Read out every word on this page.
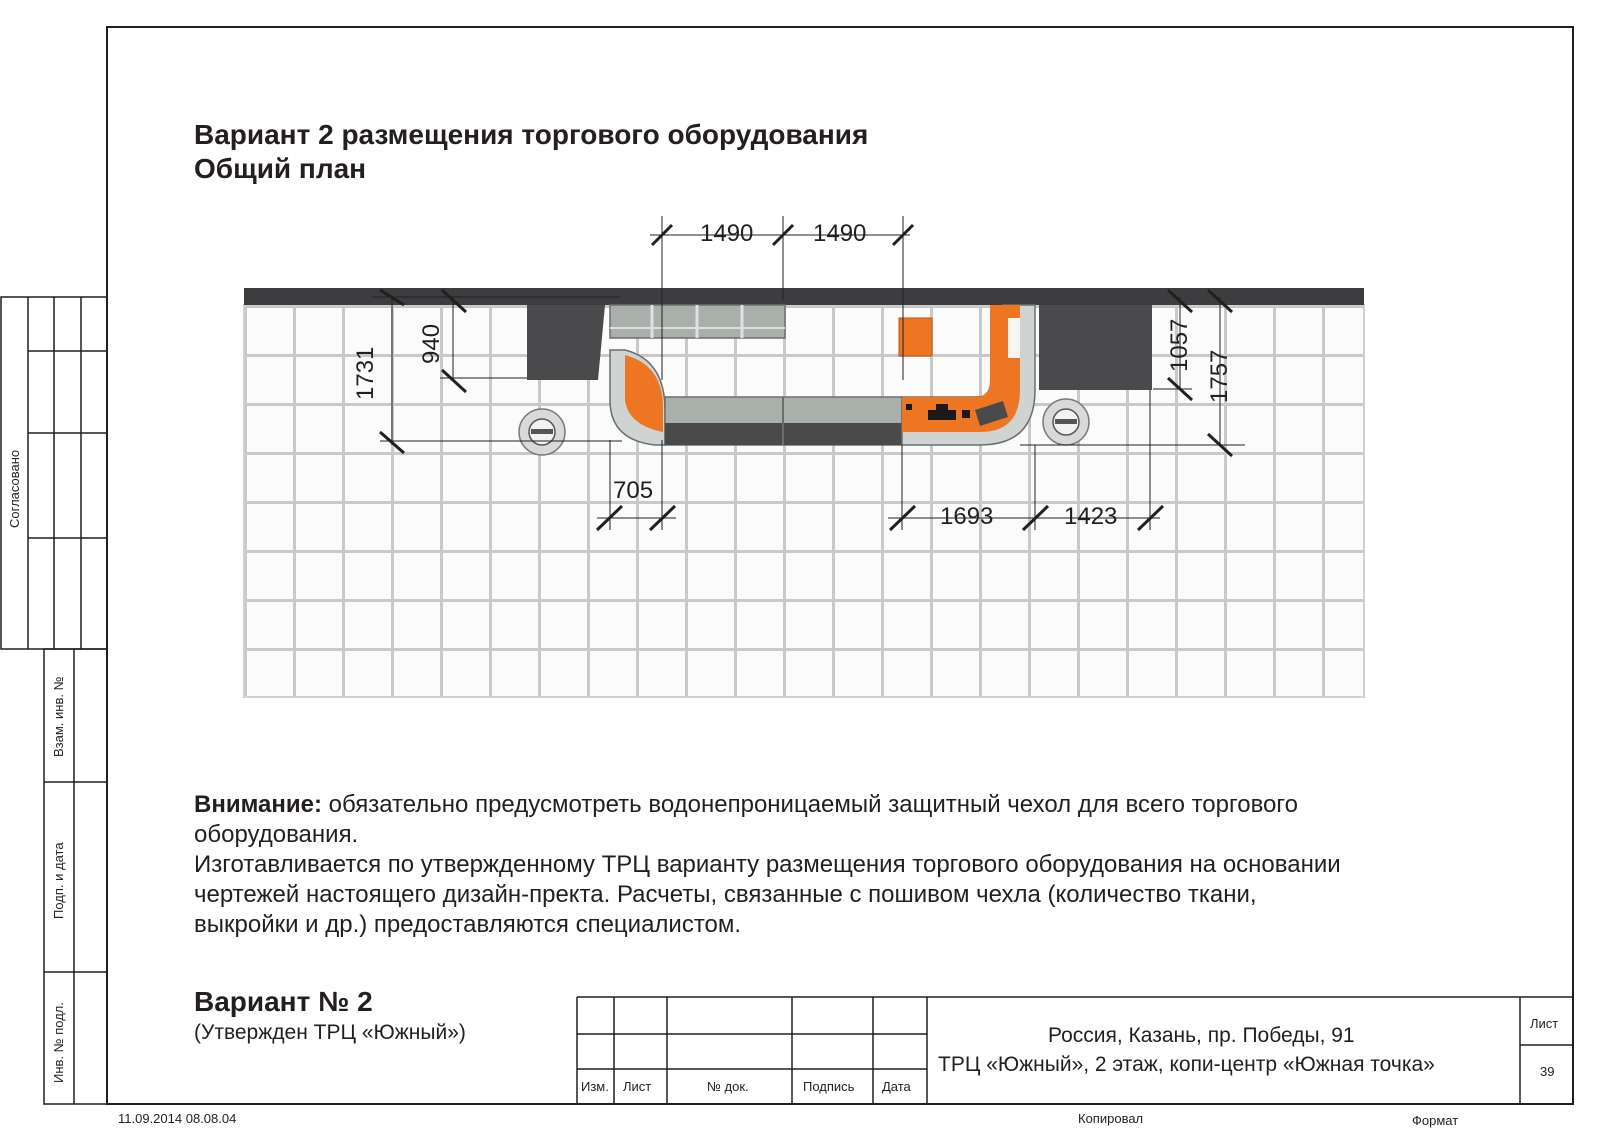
Вариант 2 размещения торгового оборудования
Общий план
1490 1490
1731
940	1057
1757
705
1693	1423
Внимание: обязательно предусмотреть водонепроницаемый защитный чехол для всего торгового
оборудования.
Изготавливается по утвержденному ТРЦ варианту размещения торгового оборудования на основании
чертежей настоящего дизайн-пректа. Расчеты, связанные с пошивом чехла (количество ткани,
выкройки и др.) предоставляются специалистом.
Вариант № 2
(Утвержден ТРЦ «Южный»)
Согласовано
Взам. инв. №
Подп. и дата
Инв. № подл.
Изм. Лист	№ док.	Подпись Дата
Россия, Казань, пр. Победы, 91
ТРЦ «Южный», 2 этаж, копи-центр «Южная точка»
Лист
39
11.09.2014 08.08.04	Копировал	Формат
